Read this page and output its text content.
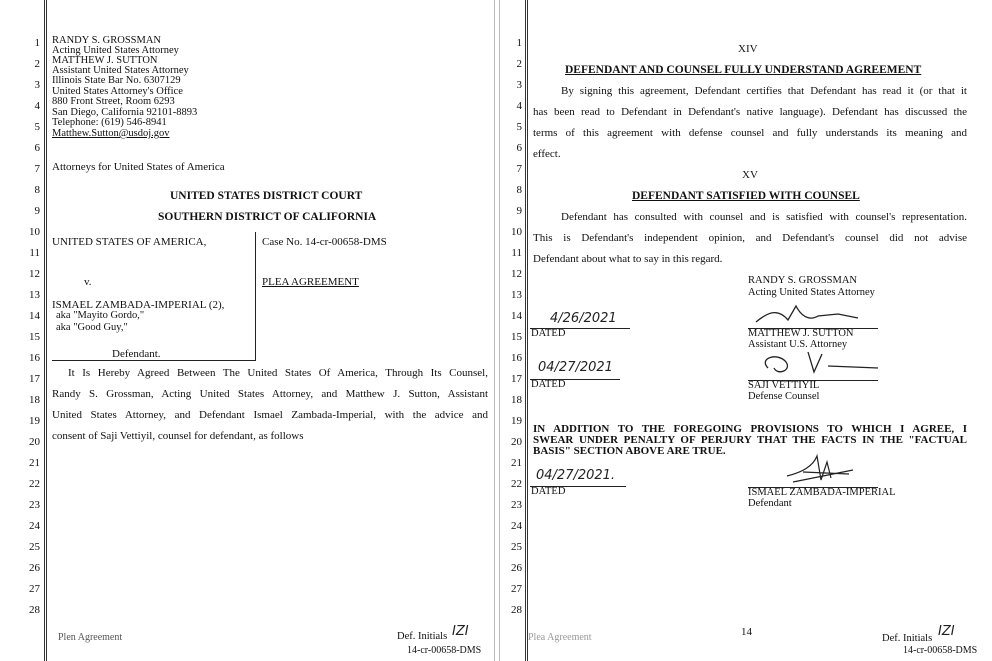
1
2
3
4
5
6
7
8
9
10
11
12
13
14
15
16
17
18
19
20
21
22
23
24
25
26
27
28
RANDY S. GROSSMAN
Acting United States Attorney
MATTHEW J. SUTTON
Assistant United States Attorney
Illinois State Bar No. 6307129
United States Attorney's Office
880 Front Street, Room 6293
San Diego, California 92101-8893
Telephone: (619) 546-8941
Matthew.Sutton@usdoj.gov
Attorneys for United States of America
UNITED STATES DISTRICT COURT
SOUTHERN DISTRICT OF CALIFORNIA
UNITED STATES OF AMERICA,
v.
ISMAEL ZAMBADA-IMPERIAL (2),
aka "Mayito Gordo,"
aka "Good Guy,"
Defendant.
Case No. 14-cr-00658-DMS
PLEA AGREEMENT
It Is Hereby Agreed Between The United States Of America, Through Its Counsel,
Randy S. Grossman, Acting United States Attorney, and Matthew J. Sutton, Assistant
United States Attorney, and Defendant Ismael Zambada-Imperial, with the advice and
consent of Saji Vettiyil, counsel for defendant, as follows
Plen Agreement	Def. Initials IZI
14-cr-00658-DMS
1
2
3
4
5
6
7
8
9
10
11
12
13
14
15
16
17
18
19
20
21
22
23
24
25
26
27
28
XIV
DEFENDANT AND COUNSEL FULLY UNDERSTAND AGREEMENT
By signing this agreement, Defendant certifies that Defendant has read it (or that it
has been read to Defendant in Defendant's native language). Defendant has discussed the
terms of this agreement with defense counsel and fully understands its meaning and
effect.
XV
DEFENDANT SATISFIED WITH COUNSEL
Defendant has consulted with counsel and is satisfied with counsel's representation.
This is Defendant's independent opinion, and Defendant's counsel did not advise
Defendant about what to say in this regard.
RANDY S. GROSSMAN
Acting United States Attorney
4/26/2021
DATED	MATTHEW J. SUTTON
Assistant U.S. Attorney
04/27/2021
DATED	SAJI VETTIYIL
Defense Counsel
IN ADDITION TO THE FOREGOING PROVISIONS TO WHICH I AGREE, I
SWEAR UNDER PENALTY OF PERJURY THAT THE FACTS IN THE "FACTUAL
BASIS" SECTION ABOVE ARE TRUE.
04/27/2021.
DATED	ISMAEL ZAMBADA-IMPERIAL
Defendant
Plea Agreement	14
Def. Initials IZI
14-cr-00658-DMS
